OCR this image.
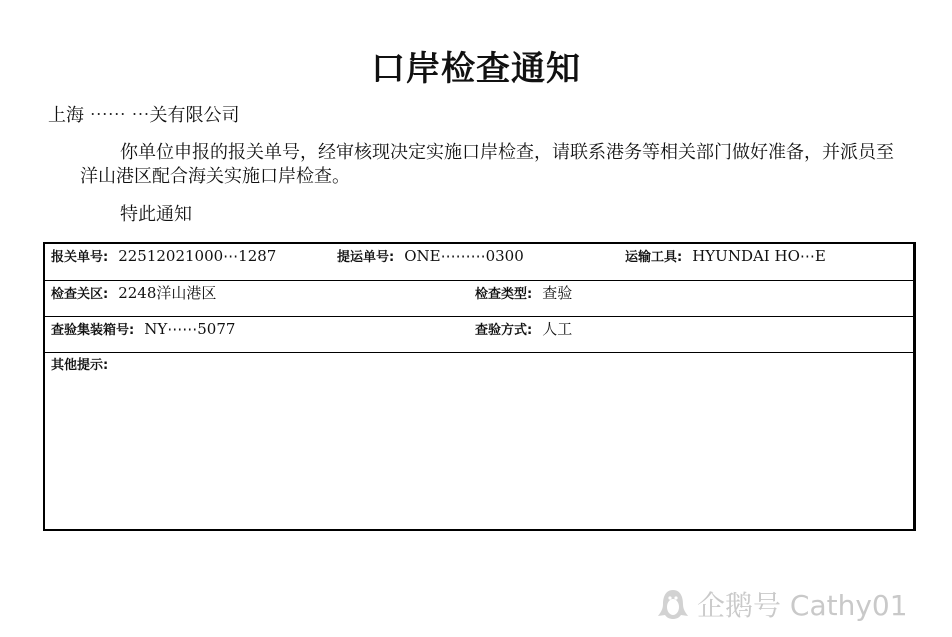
口岸检查通知
上海 ⋯⋯ ⋯关有限公司
你单位申报的报关单号，经审核现决定实施口岸检查，请联系港务等相关部门做好准备，并派员至洋山港区配合海关实施口岸检查。
特此通知
报关单号: 22512021000⋯1287	提运单号: ONE⋯⋯⋯0300	运输工具: HYUNDAI HO⋯E
检查关区: 2248洋山港区	检查类型: 查验
查验集装箱号: NY⋯⋯5077	查验方式: 人工
其他提示:
企鹅号 Cathy01
